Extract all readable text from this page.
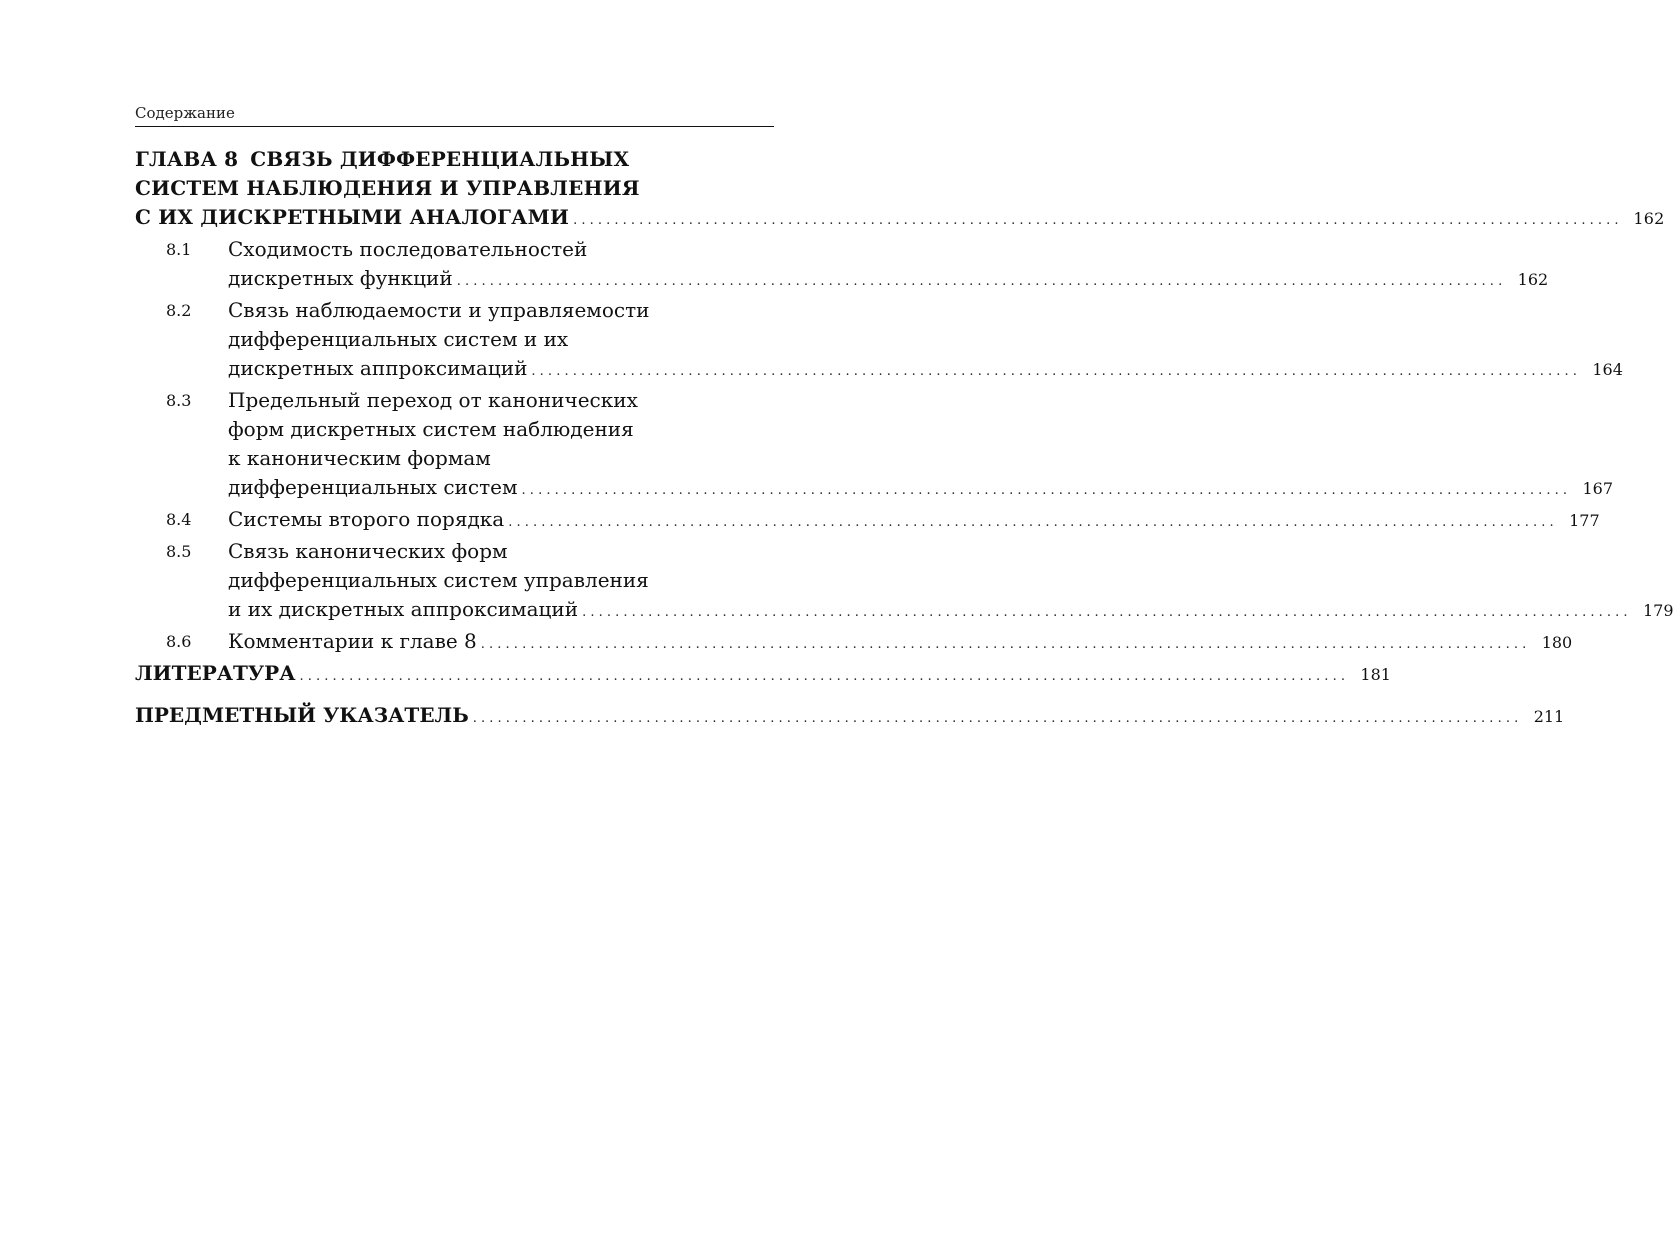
Содержание
ГЛАВА 8 СВЯЗЬ ДИФФЕРЕНЦИАЛЬНЫХ
СИСТЕМ НАБЛЮДЕНИЯ И УПРАВЛЕНИЯ
С ИХ ДИСКРЕТНЫМИ АНАЛОГАМИ . . .	162
8.1	Сходимость последовательностей
дискретных функций . . .	162
8.2	Связь наблюдаемости и управляемости
дифференциальных систем и их
дискретных аппроксимаций . . .	164
8.3	Предельный переход от канонических
форм дискретных систем наблюдения
к каноническим формам
дифференциальных систем . . .	167
8.4	Системы второго порядка . . .	177
8.5	Связь канонических форм
дифференциальных систем управления
и их дискретных аппроксимаций . . .	179
8.6	Комментарии к главе 8 . . .	180
ЛИТЕРАТУРА . . .	181
ПРЕДМЕТНЫЙ УКАЗАТЕЛЬ . . .	211
